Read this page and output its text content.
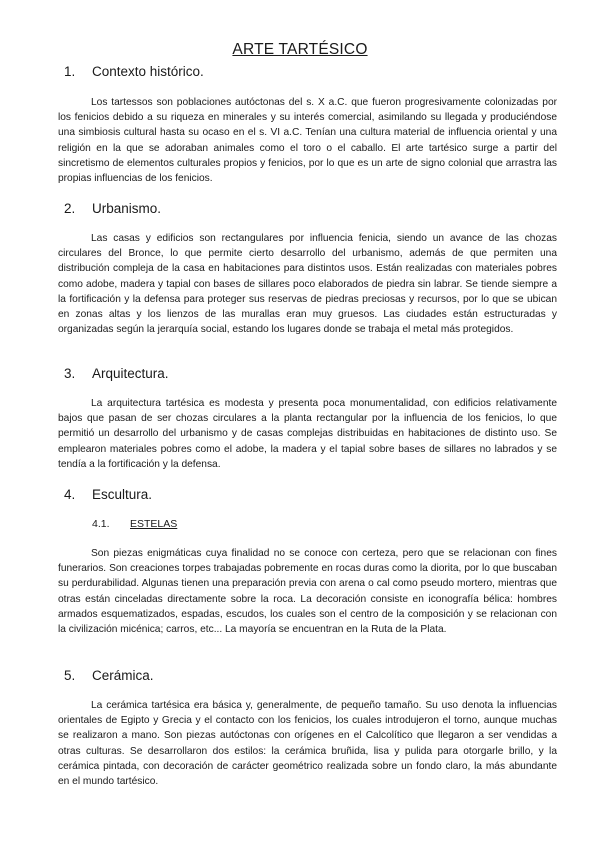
ARTE TARTÉSICO
1. Contexto histórico.

Los tartessos son poblaciones autóctonas del s. X a.C. que fueron progresivamente colonizadas por los fenicios debido a su riqueza en minerales y su interés comercial, asimilando su llegada y produciéndose una simbiosis cultural hasta su ocaso en el s. VI a.C. Tenían una cultura material de influencia oriental y una religión en la que se adoraban animales como el toro o el caballo. El arte tartésico surge a partir del sincretismo de elementos culturales propios y fenicios, por lo que es un arte de signo colonial que arrastra las propias influencias de los fenicios.

2. Urbanismo.

Las casas y edificios son rectangulares por influencia fenicia, siendo un avance de las chozas circulares del Bronce, lo que permite cierto desarrollo del urbanismo, además de que permiten una distribución compleja de la casa en habitaciones para distintos usos. Están realizadas con materiales pobres como adobe, madera y tapial con bases de sillares poco elaborados de piedra sin labrar. Se tiende siempre a la fortificación y la defensa para proteger sus reservas de piedras preciosas y recursos, por lo que se ubican en zonas altas y los lienzos de las murallas eran muy gruesos. Las ciudades están estructuradas y organizadas según la jerarquía social, estando los lugares donde se trabaja el metal más protegidos.

3. Arquitectura.

La arquitectura tartésica es modesta y presenta poca monumentalidad, con edificios relativamente bajos que pasan de ser chozas circulares a la planta rectangular por la influencia de los fenicios, lo que permitió un desarrollo del urbanismo y de casas complejas distribuidas en habitaciones de distinto uso. Se emplearon materiales pobres como el adobe, la madera y el tapial sobre bases de sillares no labrados y se tendía a la fortificación y la defensa.

4. Escultura.
4.1. ESTELAS

Son piezas enigmáticas cuya finalidad no se conoce con certeza, pero que se relacionan con fines funerarios. Son creaciones torpes trabajadas pobremente en rocas duras como la diorita, por lo que buscaban su perdurabilidad. Algunas tienen una preparación previa con arena o cal como pseudo mortero, mientras que otras están cinceladas directamente sobre la roca. La decoración consiste en iconografía bélica: hombres armados esquematizados, espadas, escudos, los cuales son el centro de la composición y se relacionan con la civilización micénica; carros, etc... La mayoría se encuentran en la Ruta de la Plata.

5. Cerámica.

La cerámica tartésica era básica y, generalmente, de pequeño tamaño. Su uso denota la influencias orientales de Egipto y Grecia y el contacto con los fenicios, los cuales introdujeron el torno, aunque muchas se realizaron a mano. Son piezas autóctonas con orígenes en el Calcolítico que llegaron a ser vendidas a otras culturas. Se desarrollaron dos estilos: la cerámica bruñida, lisa y pulida para otorgarle brillo, y la cerámica pintada, con decoración de carácter geométrico realizada sobre un fondo claro, la más abundante en el mundo tartésico.
